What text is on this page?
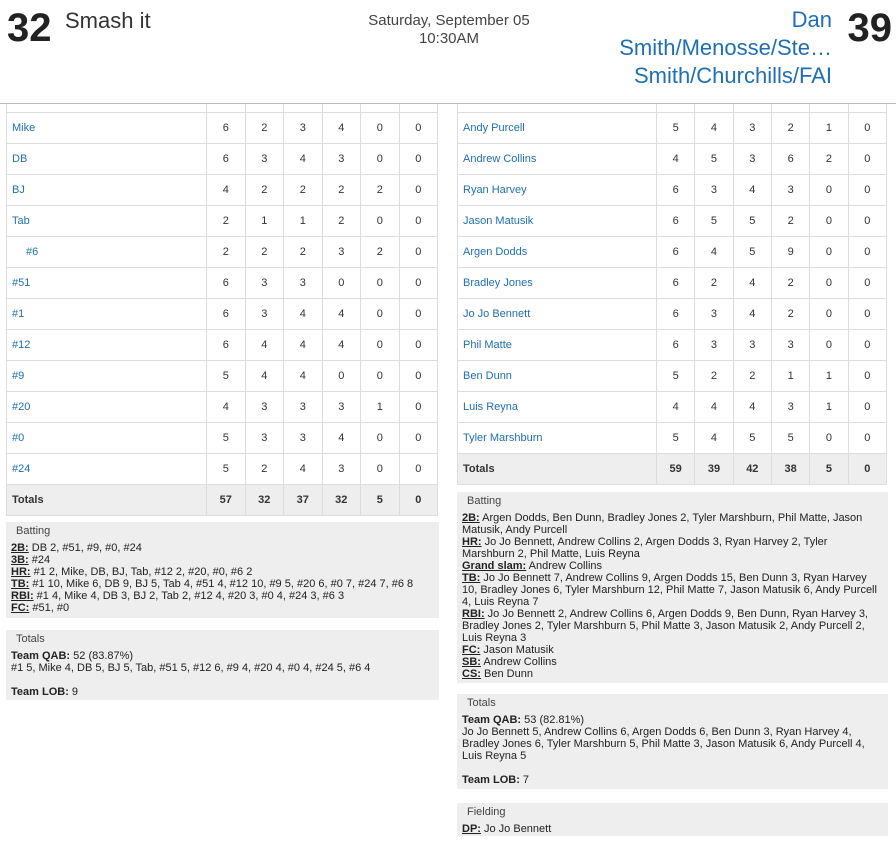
32 Smash it	Saturday, September 05
10:30AM
Dan
Smith/Menosse/Ste…
Smith/Churchills/FAI
39

Mike	6	2	3	4	0	0
DB	6	3	4	3	0	0
BJ	4	2	2	2	2	0
Tab	2	1	1	2	0	0
#6	2	2	2	3	2	0
#51	6	3	3	0	0	0
#1	6	3	4	4	0	0
#12	6	4	4	4	0	0
#9	5	4	4	0	0	0
#20	4	3	3	3	1	0
#0	5	3	3	4	0	0
#24	5	2	4	3	0	0
Totals	57	32	37	32	5	0

Andy Purcell	5	4	3	2	1	0
Andrew Collins	4	5	3	6	2	0
Ryan Harvey	6	3	4	3	0	0
Jason Matusik	6	5	5	2	0	0
Argen Dodds	6	4	5	9	0	0
Bradley Jones	6	2	4	2	0	0
Jo Jo Bennett	6	3	4	2	0	0
Phil Matte	6	3	3	3	0	0
Ben Dunn	5	2	2	1	1	0
Luis Reyna	4	4	4	3	1	0
Tyler Marshburn	5	4	5	5	0	0
Totals	59	39	42	38	5	0
Batting
2B: DB 2, #51, #9, #0, #24
3B: #24
HR: #1 2, Mike, DB, BJ, Tab, #12 2, #20, #0, #6 2
TB: #1 10, Mike 6, DB 9, BJ 5, Tab 4, #51 4, #12 10, #9 5, #20 6, #0 7, #24 7, #6 8
RBI: #1 4, Mike 4, DB 3, BJ 2, Tab 2, #12 4, #20 3, #0 4, #24 3, #6 3
FC: #51, #0
Totals
Team QAB: 52 (83.87%)
#1 5, Mike 4, DB 5, BJ 5, Tab, #51 5, #12 6, #9 4, #20 4, #0 4, #24 5, #6 4
Team LOB: 9
Batting
2B: Argen Dodds, Ben Dunn, Bradley Jones 2, Tyler Marshburn, Phil Matte, Jason Matusik, Andy Purcell
HR: Jo Jo Bennett, Andrew Collins 2, Argen Dodds 3, Ryan Harvey 2, Tyler Marshburn 2, Phil Matte, Luis Reyna
Grand slam: Andrew Collins
TB: Jo Jo Bennett 7, Andrew Collins 9, Argen Dodds 15, Ben Dunn 3, Ryan Harvey 10, Bradley Jones 6, Tyler Marshburn 12, Phil Matte 7, Jason Matusik 6, Andy Purcell 4, Luis Reyna 7
RBI: Jo Jo Bennett 2, Andrew Collins 6, Argen Dodds 9, Ben Dunn, Ryan Harvey 3, Bradley Jones 2, Tyler Marshburn 5, Phil Matte 3, Jason Matusik 2, Andy Purcell 2, Luis Reyna 3
FC: Jason Matusik
SB: Andrew Collins
CS: Ben Dunn
Totals
Team QAB: 53 (82.81%)
Jo Jo Bennett 5, Andrew Collins 6, Argen Dodds 6, Ben Dunn 3, Ryan Harvey 4, Bradley Jones 6, Tyler Marshburn 5, Phil Matte 3, Jason Matusik 6, Andy Purcell 4, Luis Reyna 5
Team LOB: 7
Fielding
DP: Jo Jo Bennett
